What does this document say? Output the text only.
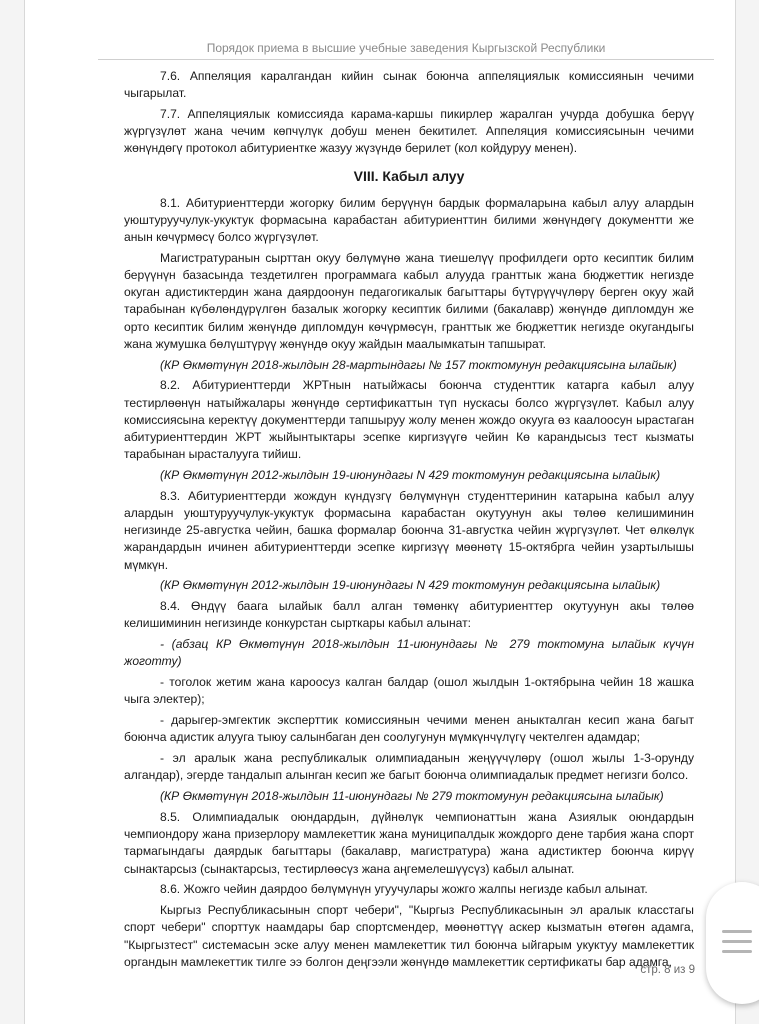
Порядок приема в высшие учебные заведения Кыргызской Республики

7.6. Аппеляция каралгандан кийин сынак боюнча аппеляциялык комиссиянын чечими чыгарылат.

7.7. Аппеляциялык комиссияда карама-каршы пикирлер жаралган учурда добушка берүү жүргүзүлөт жана чечим көпчүлүк добуш менен бекитилет. Аппеляция комиссиясынын чечими жөнүндөгү протокол абитуриентке жазуу жүзүндө берилет (кол койдуруу менен).

VIII. Кабыл алуу

8.1. Абитуриенттерди жогорку билим берүүнүн бардык формаларына кабыл алуу алардын уюштуруучулук-укуктук формасына карабастан абитуриенттин билими жөнүндөгү документти же анын көчүрмөсү болсо жүргүзүлөт.

Магистратуранын сырттан окуу бөлүмүнө жана тиешелүү профилдеги орто кесиптик билим берүүнүн базасында тездетилген программага кабыл алууда гранттык жана бюджеттик негизде окуган адистиктердин жана даярдоонун педагогикалык багыттары бүтүрүүчүлөрү берген окуу жай тарабынан күбөлөндүрүлгөн базалык жогорку кесиптик билими (бакалавр) жөнүндө дипломдун же орто кесиптик билим жөнүндө дипломдун көчүрмөсүн, гранттык же бюджеттик негизде окугандыгы жана жумушка бөлүштүрүү жөнүндө окуу жайдын маалымкатын тапшырат.

(КР Өкмөтүнүн 2018-жылдын 28-мартындагы № 157 токтомунун редакциясына ылайык)

8.2. Абитуриенттерди ЖРТнын натыйжасы боюнча студенттик катарга кабыл алуу тестирлөөнүн натыйжалары жөнүндө сертификаттын түп нускасы болсо жүргүзүлөт. Кабыл алуу комиссиясына керектүү документтерди тапшыруу жолу менен жождо окууга өз каалоосун ырастаган абитуриенттердин ЖРТ жыйынтыктары эсепке киргизүүгө чейин Кө карандысыз тест кызматы тарабынан ырасталууга тийиш.

(КР Өкмөтүнүн 2012-жылдын 19-июнундагы N 429 токтомунун редакциясына ылайык)

8.3. Абитуриенттерди жождун күндүзгү бөлүмүнүн студенттеринин катарына кабыл алуу алардын уюштуруучулук-укуктук формасына карабастан окутуунун акы төлөө келишиминин негизинде 25-августка чейин, башка формалар боюнча 31-августка чейин жүргүзүлөт. Чет өлкөлүк жарандардын ичинен абитуриенттерди эсепке киргизүү мөөнөтү 15-октябрга чейин узартылышы мүмкүн.

(КР Өкмөтүнүн 2012-жылдын 19-июнундагы N 429 токтомунун редакциясына ылайык)

8.4. Өндүү баага ылайык балл алган төмөнкү абитуриенттер окутуунун акы төлөө келишиминин негизинде конкурстан сырткары кабыл алынат:

- (абзац КР Өкмөтүнүн 2018-жылдын 11-июнундагы № 279 токтомуна ылайык күчүн жоготту)

- тоголок жетим жана кароосуз калган балдар (ошол жылдын 1-октябрына чейин 18 жашка чыга электер);

- дарыгер-эмгектик эксперттик комиссиянын чечими менен аныкталган кесип жана багыт боюнча адистик алууга тыюу салынбаган ден соолугунун мүмкүнчүлүгү чектелген адамдар;

- эл аралык жана республикалык олимпиаданын жеңүүчүлөрү (ошол жылы 1-3-орунду алгандар), эгерде тандалып алынган кесип же багыт боюнча олимпиадалык предмет негизги болсо.

(КР Өкмөтүнүн 2018-жылдын 11-июнундагы № 279 токтомунун редакциясына ылайык)

8.5. Олимпиадалык оюндардын, дүйнөлүк чемпионаттын жана Азиялык оюндардын чемпиондору жана призерлору мамлекеттик жана муниципалдык жождорго дене тарбия жана спорт тармагындагы даярдык багыттары (бакалавр, магистратура) жана адистиктер боюнча кирүү сынактарсыз (сынактарсыз, тестирлөөсүз жана аңгемелешүүсүз) кабыл алынат.

8.6. Жожго чейин даярдоо бөлүмүнүн угуучулары жожго жалпы негизде кабыл алынат.

Кыргыз Республикасынын спорт чебери", "Кыргыз Республикасынын эл аралык класстагы спорт чебери" спорттук наамдары бар спортсмендер, мөөнөттүү аскер кызматын өтөгөн адамга, "Кыргызтест" системасын эске алуу менен мамлекеттик тил боюнча ыйгарым укуктуу мамлекеттик органдын мамлекеттик тилге ээ болгон деңгээли жөнүндө мамлекеттик сертификаты бар адамга,

стр. 8 из 9
